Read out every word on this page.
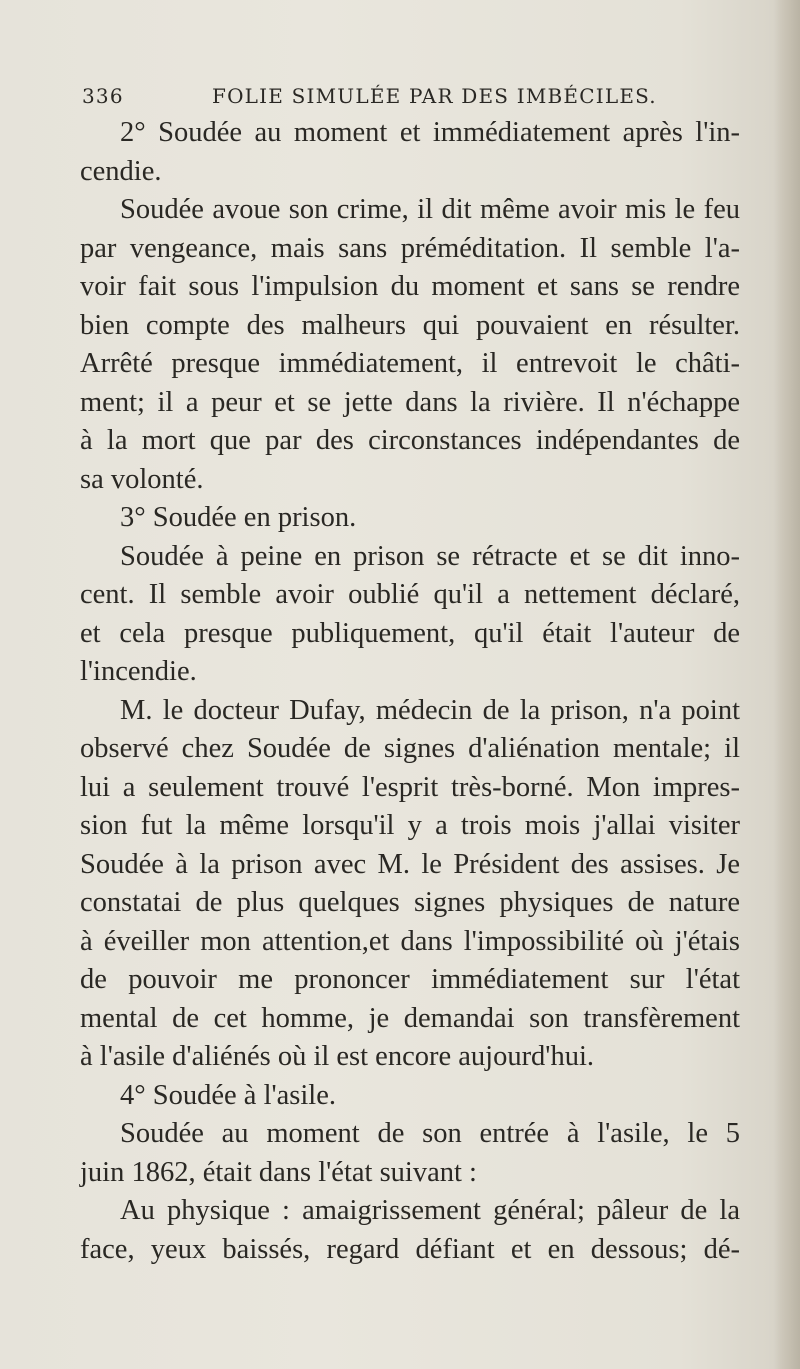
336	FOLIE SIMULÉE PAR DES IMBÉCILES.
2° Soudée au moment et immédiatement après l'in-
cendie.
Soudée avoue son crime, il dit même avoir mis le feu
par vengeance, mais sans préméditation. Il semble l'a-
voir fait sous l'impulsion du moment et sans se rendre
bien compte des malheurs qui pouvaient en résulter.
Arrêté presque immédiatement, il entrevoit le châti-
ment; il a peur et se jette dans la rivière. Il n'échappe
à la mort que par des circonstances indépendantes de
sa volonté.
3° Soudée en prison.
Soudée à peine en prison se rétracte et se dit inno-
cent. Il semble avoir oublié qu'il a nettement déclaré,
et cela presque publiquement, qu'il était l'auteur de
l'incendie.
M. le docteur Dufay, médecin de la prison, n'a point
observé chez Soudée de signes d'aliénation mentale; il
lui a seulement trouvé l'esprit très-borné. Mon impres-
sion fut la même lorsqu'il y a trois mois j'allai visiter
Soudée à la prison avec M. le Président des assises. Je
constatai de plus quelques signes physiques de nature
à éveiller mon attention,et dans l'impossibilité où j'étais
de pouvoir me prononcer immédiatement sur l'état
mental de cet homme, je demandai son transfèrement
à l'asile d'aliénés où il est encore aujourd'hui.
4° Soudée à l'asile.
Soudée au moment de son entrée à l'asile, le 5
juin 1862, était dans l'état suivant :
Au physique : amaigrissement général; pâleur de la
face, yeux baissés, regard défiant et en dessous; dé-
